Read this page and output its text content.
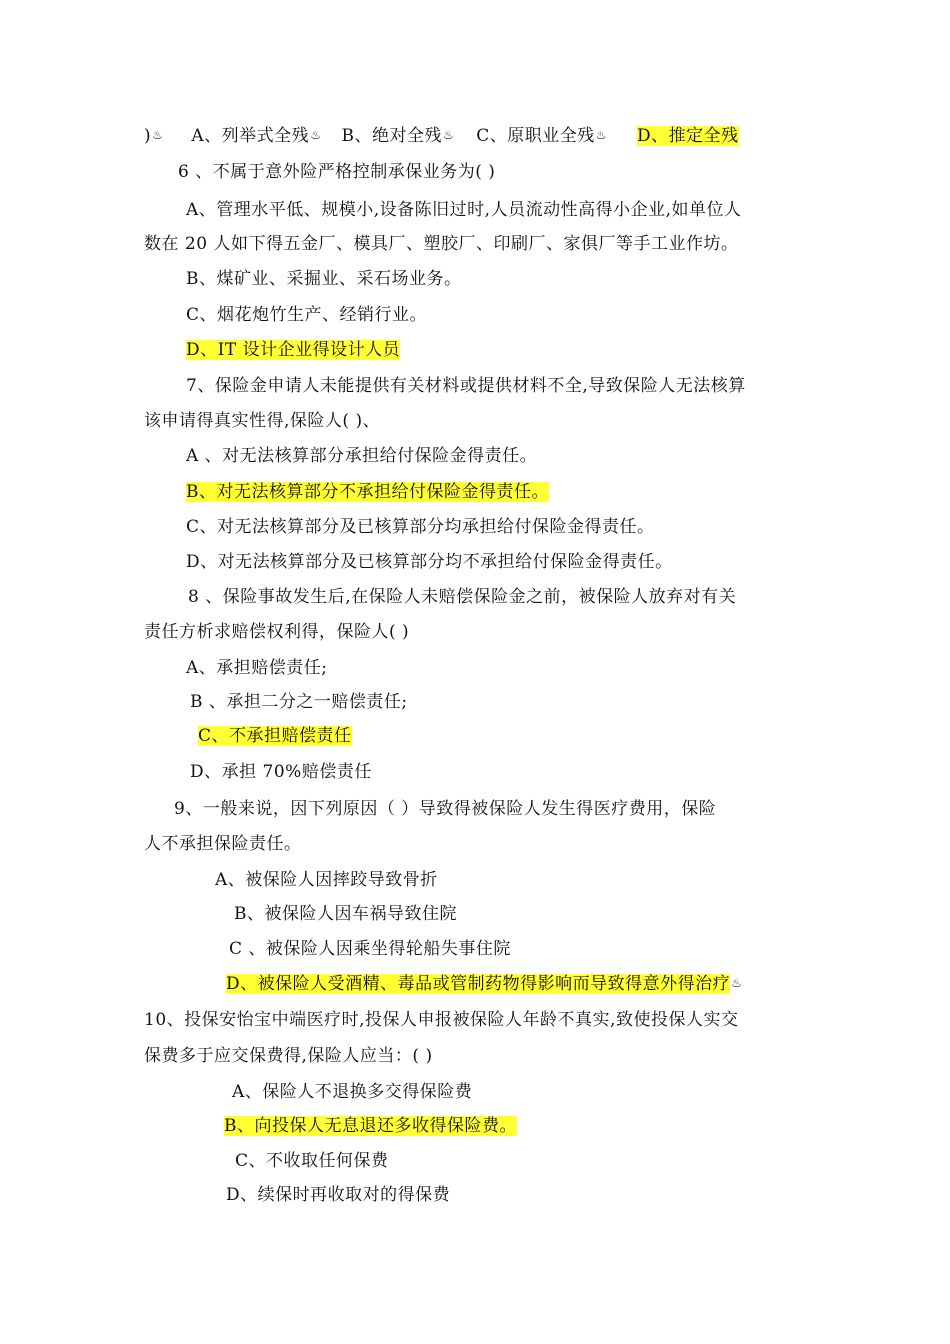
)♨ A、列举式全残♨ B、绝对全残♨ C、原职业全残♨ D、推定全残
6 、不属于意外险严格控制承保业务为( )
A、管理水平低、规模小,设备陈旧过时,人员流动性高得小企业,如单位人
数在 20 人如下得五金厂、模具厂、塑胶厂、印刷厂、家俱厂等手工业作坊。
B、煤矿业、采掘业、采石场业务。
C、烟花炮竹生产、经销行业。
D、IT 设计企业得设计人员
7、保险金申请人未能提供有关材料或提供材料不全,导致保险人无法核算
该申请得真实性得,保险人( )、
A 、对无法核算部分承担给付保险金得责任。
B、对无法核算部分不承担给付保险金得责任。
C、对无法核算部分及已核算部分均承担给付保险金得责任。
D、对无法核算部分及已核算部分均不承担给付保险金得责任。
8 、保险事故发生后,在保险人未赔偿保险金之前，被保险人放弃对有关
责任方析求赔偿权利得，保险人( )
A、承担赔偿责任;
B 、承担二分之一赔偿责任;
C、不承担赔偿责任
D、承担 70%赔偿责任
9、一般来说，因下列原因（ ）导致得被保险人发生得医疗费用，保险
人不承担保险责任。
A、被保险人因摔跤导致骨折
B、被保险人因车祸导致住院
C 、被保险人因乘坐得轮船失事住院
D、被保险人受酒精、毒品或管制药物得影响而导致得意外得治疗♨
10、投保安怡宝中端医疗时,投保人申报被保险人年龄不真实,致使投保人实交
保费多于应交保费得,保险人应当：( )
A、保险人不退换多交得保险费
B、向投保人无息退还多收得保险费。
C、不收取任何保费
D、续保时再收取对的得保费
